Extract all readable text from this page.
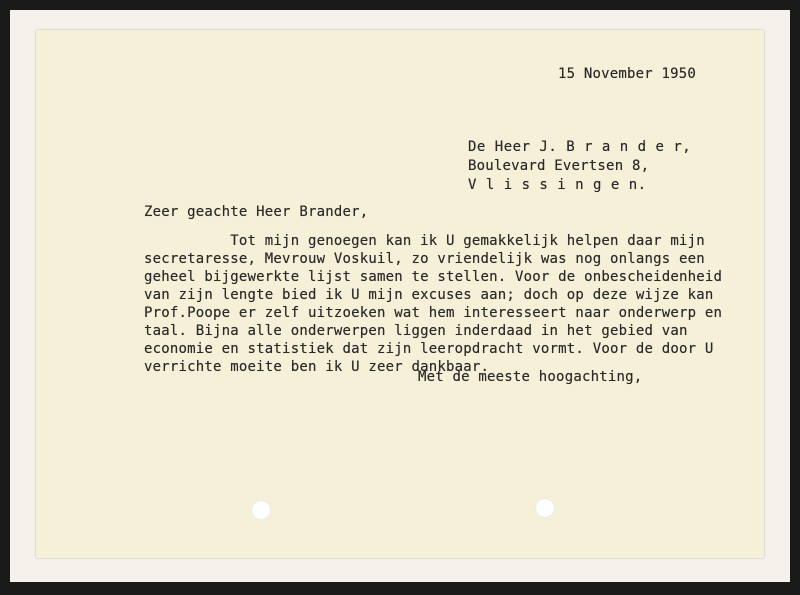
15 November 1950
De Heer J. B r a n d e r,
Boulevard Evertsen 8,
V l i s s i n g e n.
Zeer geachte Heer Brander,
Tot mijn genoegen kan ik U gemakkelijk helpen daar mijn
secretaresse, Mevrouw Voskuil, zo vriendelijk was nog onlangs een
geheel bijgewerkte lijst samen te stellen. Voor de onbescheidenheid
van zijn lengte bied ik U mijn excuses aan; doch op deze wijze kan
Prof.Poope er zelf uitzoeken wat hem interesseert naar onderwerp en
taal. Bijna alle onderwerpen liggen inderdaad in het gebied van
economie en statistiek dat zijn leeropdracht vormt. Voor de door U
verrichte moeite ben ik U zeer dankbaar.
Met de meeste hoogachting,
